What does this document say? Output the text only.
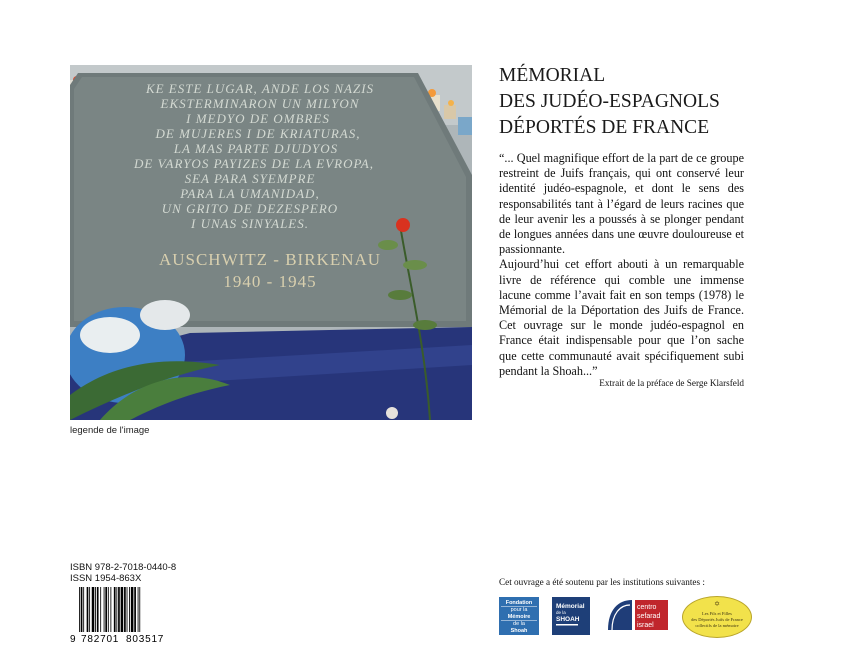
KE ESTE LUGAR, ANDE LOS NAZIS
EKSTERMINARON UN MILYON
I MEDYO DE OMBRES
DE MUJERES I DE KRIATURAS,
LA MAS PARTE DJUDYOS
DE VARYOS PAYIZES DE LA EVROPA,
SEA PARA SYEMPRE
PARA LA UMANIDAD,
UN GRITO DE DEZESPERO
I UNAS SINYALES.
AUSCHWITZ - BIRKENAU
1940 - 1945
legende de l'image
MÉMORIAL
DES JUDÉO-ESPAGNOLS
DÉPORTÉS DE FRANCE

“... Quel magnifique effort de la part de ce groupe restreint de Juifs français, qui ont conservé leur identité judéo-espagnole, et dont le sens des responsabilités tant à l’égard de leurs racines que de leur avenir les a poussés à se plonger pendant de longues années dans une œuvre douloureuse et passionnante.

Aujourd’hui cet effort abouti à un remarquable livre de référence qui comble une immense lacune comme l’avait fait en son temps (1978) le Mémorial de la Déportation des Juifs de France. Cet ouvrage sur le monde judéo-espagnol en France était indispensable pour que l’on sache que cette communauté avait spécifiquement subi pendant la Shoah...”

Extrait de la préface de Serge Klarsfeld
ISBN 978-2-7018-0440-8
ISSN 1954-863X
9 782701 803517
Cet ouvrage a été soutenu par les institutions suivantes :
Fondation
pour la
Mémoire
de la
Shoah
Mémorial
de la
SHOAH
centro
sefarad
israel
✡
Les Fils et Filles
des Déportés Juifs de France
collectifs de la mémoire
